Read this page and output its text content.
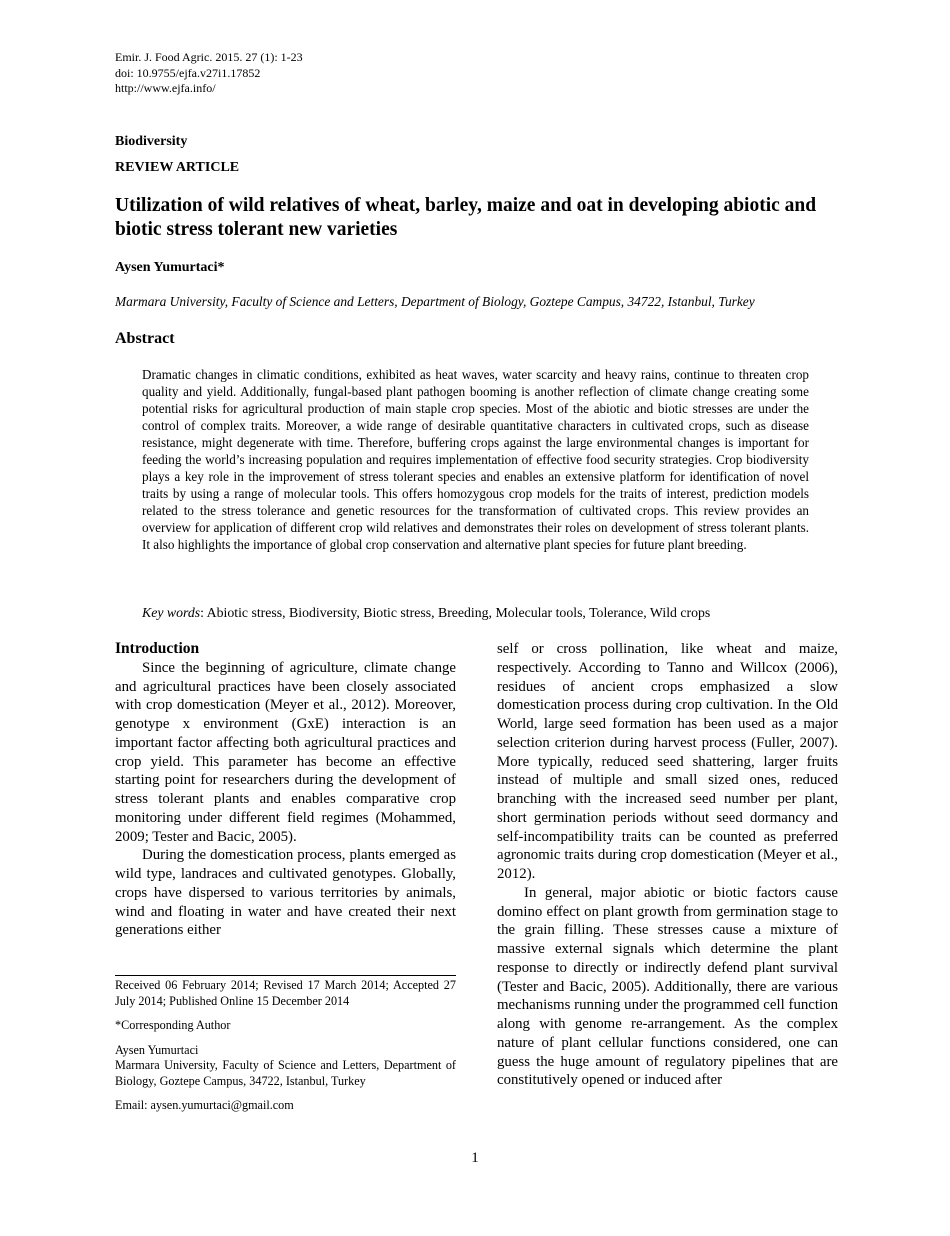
Emir. J. Food Agric. 2015. 27 (1): 1-23
doi: 10.9755/ejfa.v27i1.17852
http://www.ejfa.info/
Biodiversity
REVIEW ARTICLE
Utilization of wild relatives of wheat, barley, maize and oat in developing abiotic and biotic stress tolerant new varieties
Aysen Yumurtaci*
Marmara University, Faculty of Science and Letters, Department of Biology, Goztepe Campus, 34722, Istanbul, Turkey
Abstract

Dramatic changes in climatic conditions, exhibited as heat waves, water scarcity and heavy rains, continue to threaten crop quality and yield. Additionally, fungal-based plant pathogen booming is another reflection of climate change creating some potential risks for agricultural production of main staple crop species. Most of the abiotic and biotic stresses are under the control of complex traits. Moreover, a wide range of desirable quantitative characters in cultivated crops, such as disease resistance, might degenerate with time. Therefore, buffering crops against the large environmental changes is important for feeding the world’s increasing population and requires implementation of effective food security strategies. Crop biodiversity plays a key role in the improvement of stress tolerant species and enables an extensive platform for identification of novel traits by using a range of molecular tools. This offers homozygous crop models for the traits of interest, prediction models related to the stress tolerance and genetic resources for the transformation of cultivated crops. This review provides an overview for application of different crop wild relatives and demonstrates their roles on development of stress tolerant plants. It also highlights the importance of global crop conservation and alternative plant species for future plant breeding.

Key words: Abiotic stress, Biodiversity, Biotic stress, Breeding, Molecular tools, Tolerance, Wild crops

Introduction

Since the beginning of agriculture, climate change and agricultural practices have been closely associated with crop domestication (Meyer et al., 2012). Moreover, genotype x environment (GxE) interaction is an important factor affecting both agricultural practices and crop yield. This parameter has become an effective starting point for researchers during the development of stress tolerant plants and enables comparative crop monitoring under different field regimes (Mohammed, 2009; Tester and Bacic, 2005).

During the domestication process, plants emerged as wild type, landraces and cultivated genotypes. Globally, crops have dispersed to various territories by animals, wind and floating in water and have created their next generations either

self or cross pollination, like wheat and maize, respectively. According to Tanno and Willcox (2006), residues of ancient crops emphasized a slow domestication process during crop cultivation. In the Old World, large seed formation has been used as a major selection criterion during harvest process (Fuller, 2007). More typically, reduced seed shattering, larger fruits instead of multiple and small sized ones, reduced branching with the increased seed number per plant, short germination periods without seed dormancy and self-incompatibility traits can be counted as preferred agronomic traits during crop domestication (Meyer et al., 2012).

In general, major abiotic or biotic factors cause domino effect on plant growth from germination stage to the grain filling. These stresses cause a mixture of massive external signals which determine the plant response to directly or indirectly defend plant survival (Tester and Bacic, 2005). Additionally, there are various mechanisms running under the programmed cell function along with genome re-arrangement. As the complex nature of plant cellular functions considered, one can guess the huge amount of regulatory pipelines that are constitutively opened or induced after

Received 06 February 2014; Revised 17 March 2014; Accepted 27 July 2014; Published Online 15 December 2014

*Corresponding Author

Aysen Yumurtaci

Marmara University, Faculty of Science and Letters, Department of Biology, Goztepe Campus, 34722, Istanbul, Turkey

Email: aysen.yumurtaci@gmail.com

1
